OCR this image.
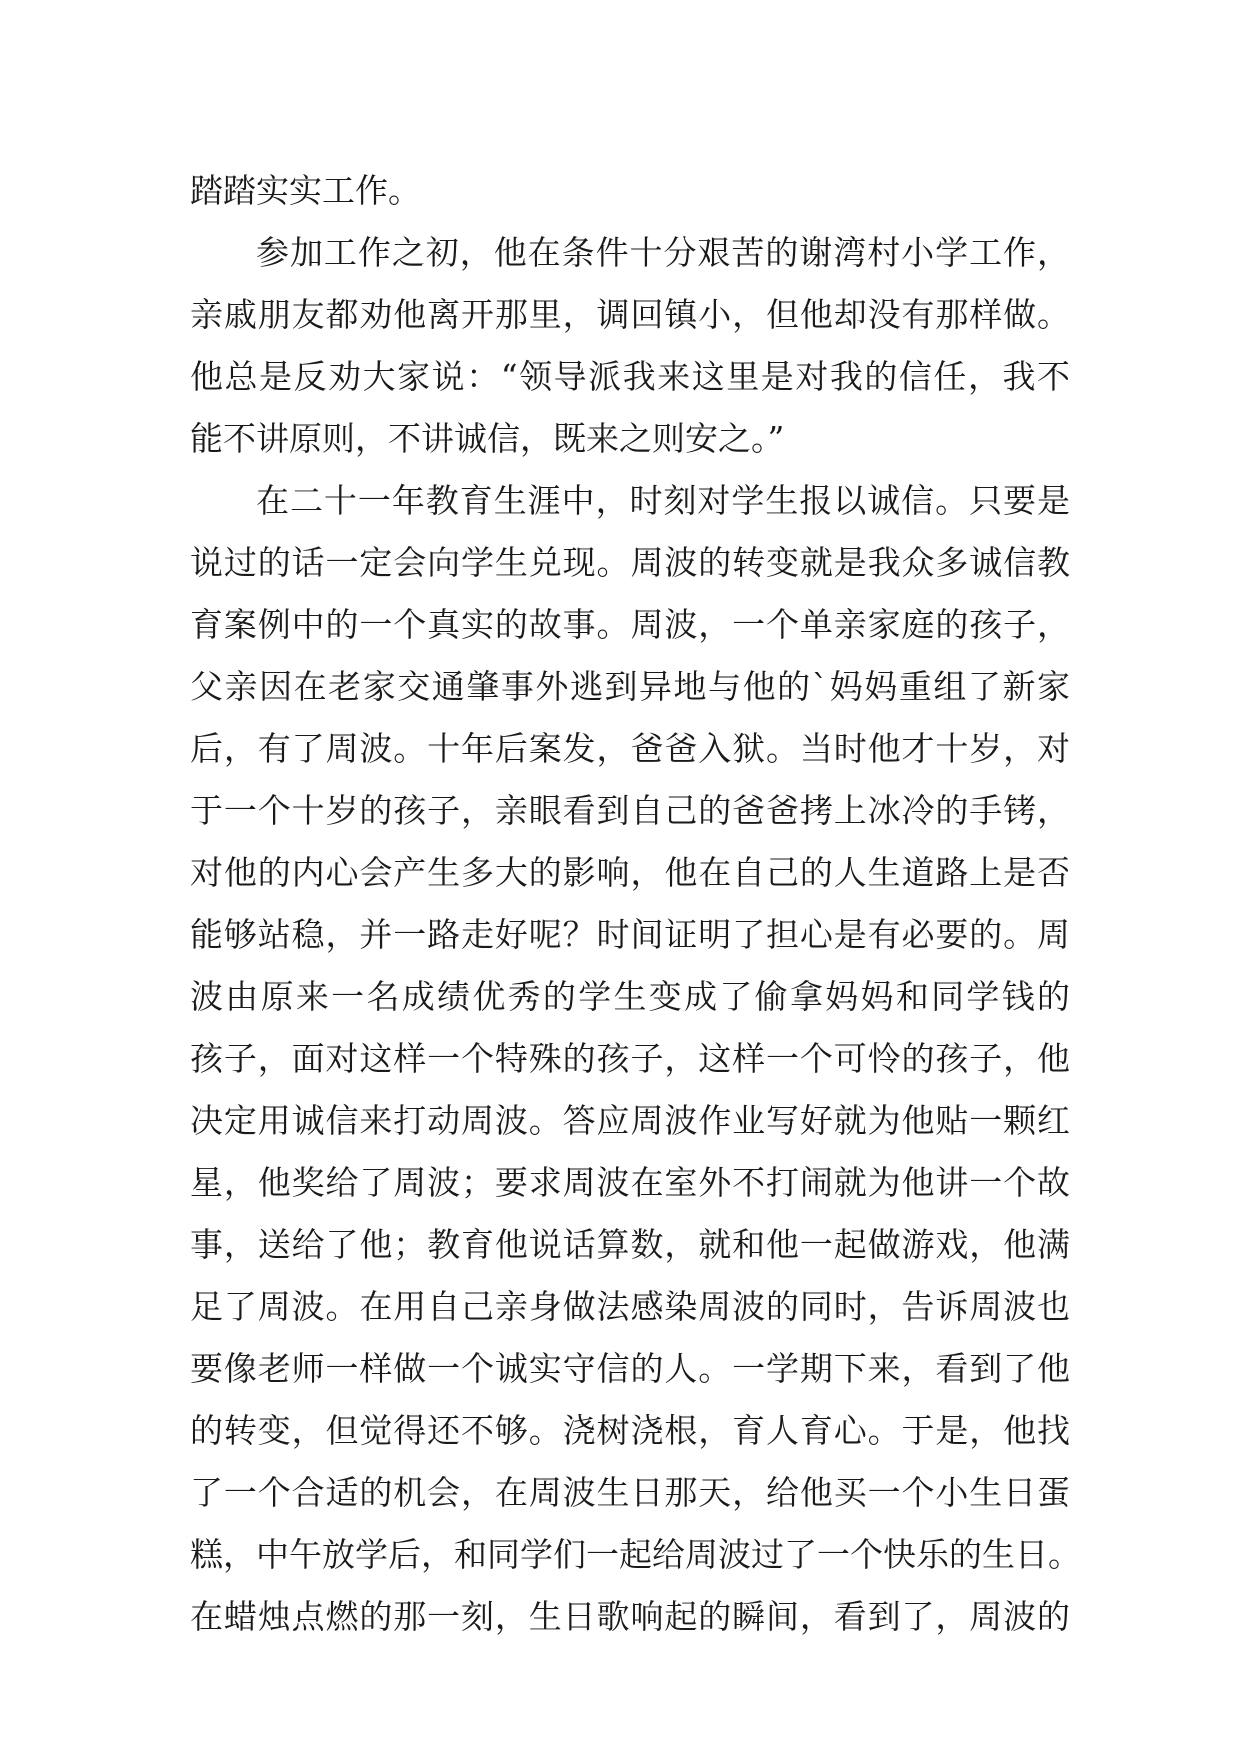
踏踏实实工作。
参加工作之初，他在条件十分艰苦的谢湾村小学工作，
亲戚朋友都劝他离开那里，调回镇小，但他却没有那样做。
他总是反劝大家说：“领导派我来这里是对我的信任，我不
能不讲原则，不讲诚信，既来之则安之。”
在二十一年教育生涯中，时刻对学生报以诚信。只要是
说过的话一定会向学生兑现。周波的转变就是我众多诚信教
育案例中的一个真实的故事。周波，一个单亲家庭的孩子，
父亲因在老家交通肇事外逃到异地与他的`妈妈重组了新家
后，有了周波。十年后案发，爸爸入狱。当时他才十岁，对
于一个十岁的孩子，亲眼看到自己的爸爸拷上冰冷的手铐，
对他的内心会产生多大的影响，他在自己的人生道路上是否
能够站稳，并一路走好呢？时间证明了担心是有必要的。周
波由原来一名成绩优秀的学生变成了偷拿妈妈和同学钱的
孩子，面对这样一个特殊的孩子，这样一个可怜的孩子，他
决定用诚信来打动周波。答应周波作业写好就为他贴一颗红
星，他奖给了周波；要求周波在室外不打闹就为他讲一个故
事，送给了他；教育他说话算数，就和他一起做游戏，他满
足了周波。在用自己亲身做法感染周波的同时，告诉周波也
要像老师一样做一个诚实守信的人。一学期下来，看到了他
的转变，但觉得还不够。浇树浇根，育人育心。于是，他找
了一个合适的机会，在周波生日那天，给他买一个小生日蛋
糕，中午放学后，和同学们一起给周波过了一个快乐的生日。
在蜡烛点燃的那一刻，生日歌响起的瞬间，看到了，周波的
